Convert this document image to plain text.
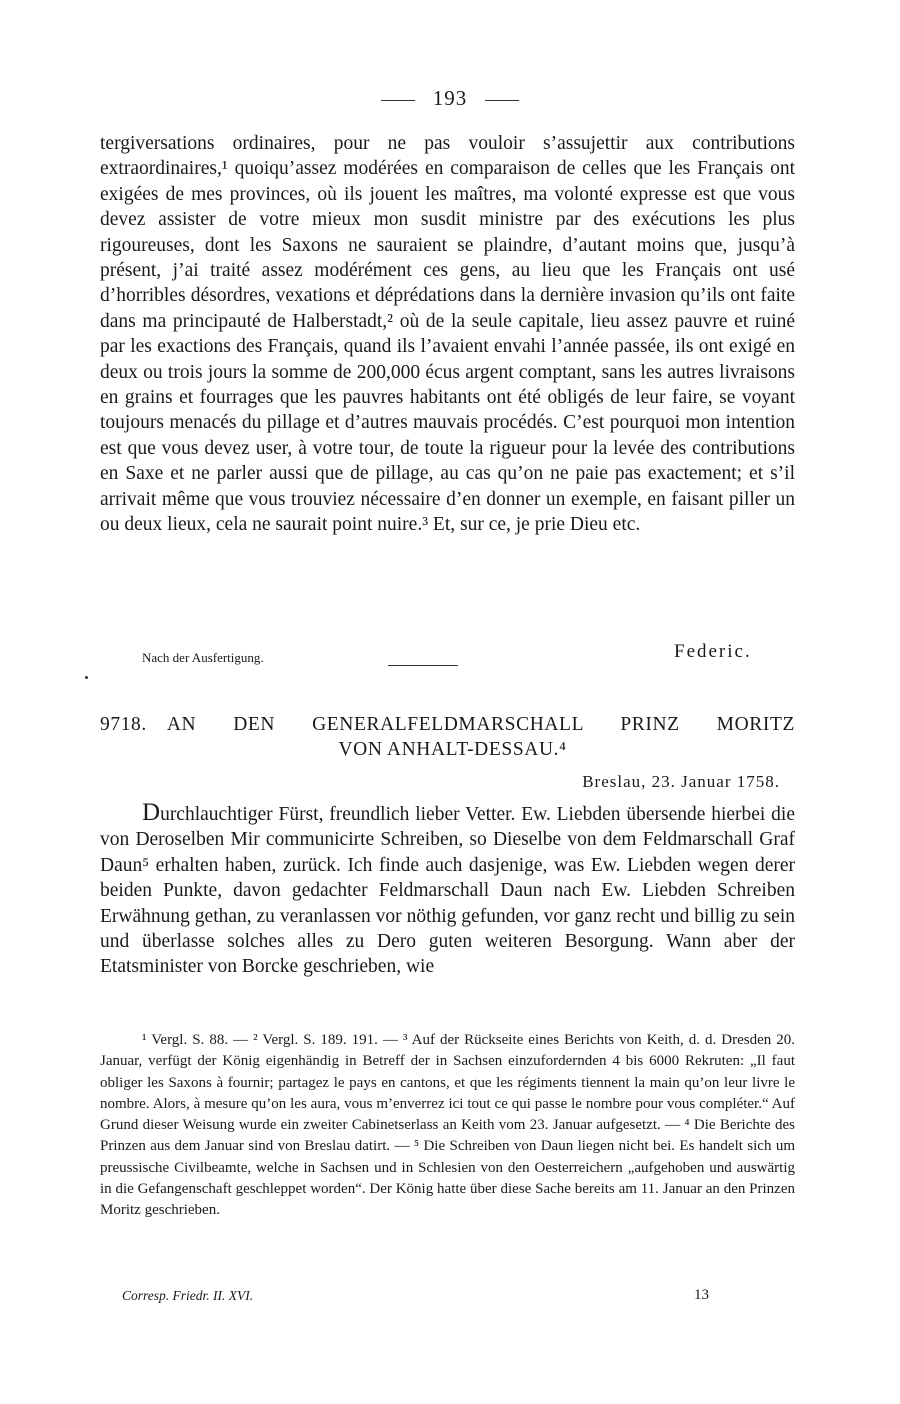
193

tergiversations ordinaires, pour ne pas vouloir s’assujettir aux contributions extraordinaires,¹ quoiqu’assez modérées en comparaison de celles que les Français ont exigées de mes provinces, où ils jouent les maîtres, ma volonté expresse est que vous devez assister de votre mieux mon susdit ministre par des exécutions les plus rigoureuses, dont les Saxons ne sauraient se plaindre, d’autant moins que, jusqu’à présent, j’ai traité assez modérément ces gens, au lieu que les Français ont usé d’horribles désordres, vexations et déprédations dans la dernière invasion qu’ils ont faite dans ma principauté de Halberstadt,² où de la seule capitale, lieu assez pauvre et ruiné par les exactions des Français, quand ils l’avaient envahi l’année passée, ils ont exigé en deux ou trois jours la somme de 200,000 écus argent comptant, sans les autres livraisons en grains et fourrages que les pauvres habitants ont été obligés de leur faire, se voyant toujours menacés du pillage et d’autres mauvais procédés. C’est pourquoi mon intention est que vous devez user, à votre tour, de toute la rigueur pour la levée des contributions en Saxe et ne parler aussi que de pillage, au cas qu’on ne paie pas exactement; et s’il arrivait même que vous trouviez nécessaire d’en donner un exemple, en faisant piller un ou deux lieux, cela ne saurait point nuire.³ Et, sur ce, je prie Dieu etc.

Nach der Ausfertigung.	Federic.
9718. AN DEN GENERALFELDMARSCHALL PRINZ MORITZ
VON ANHALT-DESSAU.⁴
Breslau, 23. Januar 1758.

Durchlauchtiger Fürst, freundlich lieber Vetter. Ew. Liebden übersende hierbei die von Deroselben Mir communicirte Schreiben, so Dieselbe von dem Feldmarschall Graf Daun⁵ erhalten haben, zurück. Ich finde auch dasjenige, was Ew. Liebden wegen derer beiden Punkte, davon gedachter Feldmarschall Daun nach Ew. Liebden Schreiben Erwähnung gethan, zu veranlassen vor nöthig gefunden, vor ganz recht und billig zu sein und überlasse solches alles zu Dero guten weiteren Besorgung. Wann aber der Etatsminister von Borcke geschrieben, wie

¹ Vergl. S. 88. — ² Vergl. S. 189. 191. — ³ Auf der Rückseite eines Berichts von Keith, d. d. Dresden 20. Januar, verfügt der König eigenhändig in Betreff der in Sachsen einzufordernden 4 bis 6000 Rekruten: „Il faut obliger les Saxons à fournir; partagez le pays en cantons, et que les régiments tiennent la main qu’on leur livre le nombre. Alors, à mesure qu’on les aura, vous m’enverrez ici tout ce qui passe le nombre pour vous compléter.“ Auf Grund dieser Weisung wurde ein zweiter Cabinetserlass an Keith vom 23. Januar aufgesetzt. — ⁴ Die Berichte des Prinzen aus dem Januar sind von Breslau datirt. — ⁵ Die Schreiben von Daun liegen nicht bei. Es handelt sich um preussische Civilbeamte, welche in Sachsen und in Schlesien von den Oesterreichern „aufgehoben und auswärtig in die Gefangenschaft geschleppet worden“. Der König hatte über diese Sache bereits am 11. Januar an den Prinzen Moritz geschrieben.

Corresp. Friedr. II. XVI.	13
